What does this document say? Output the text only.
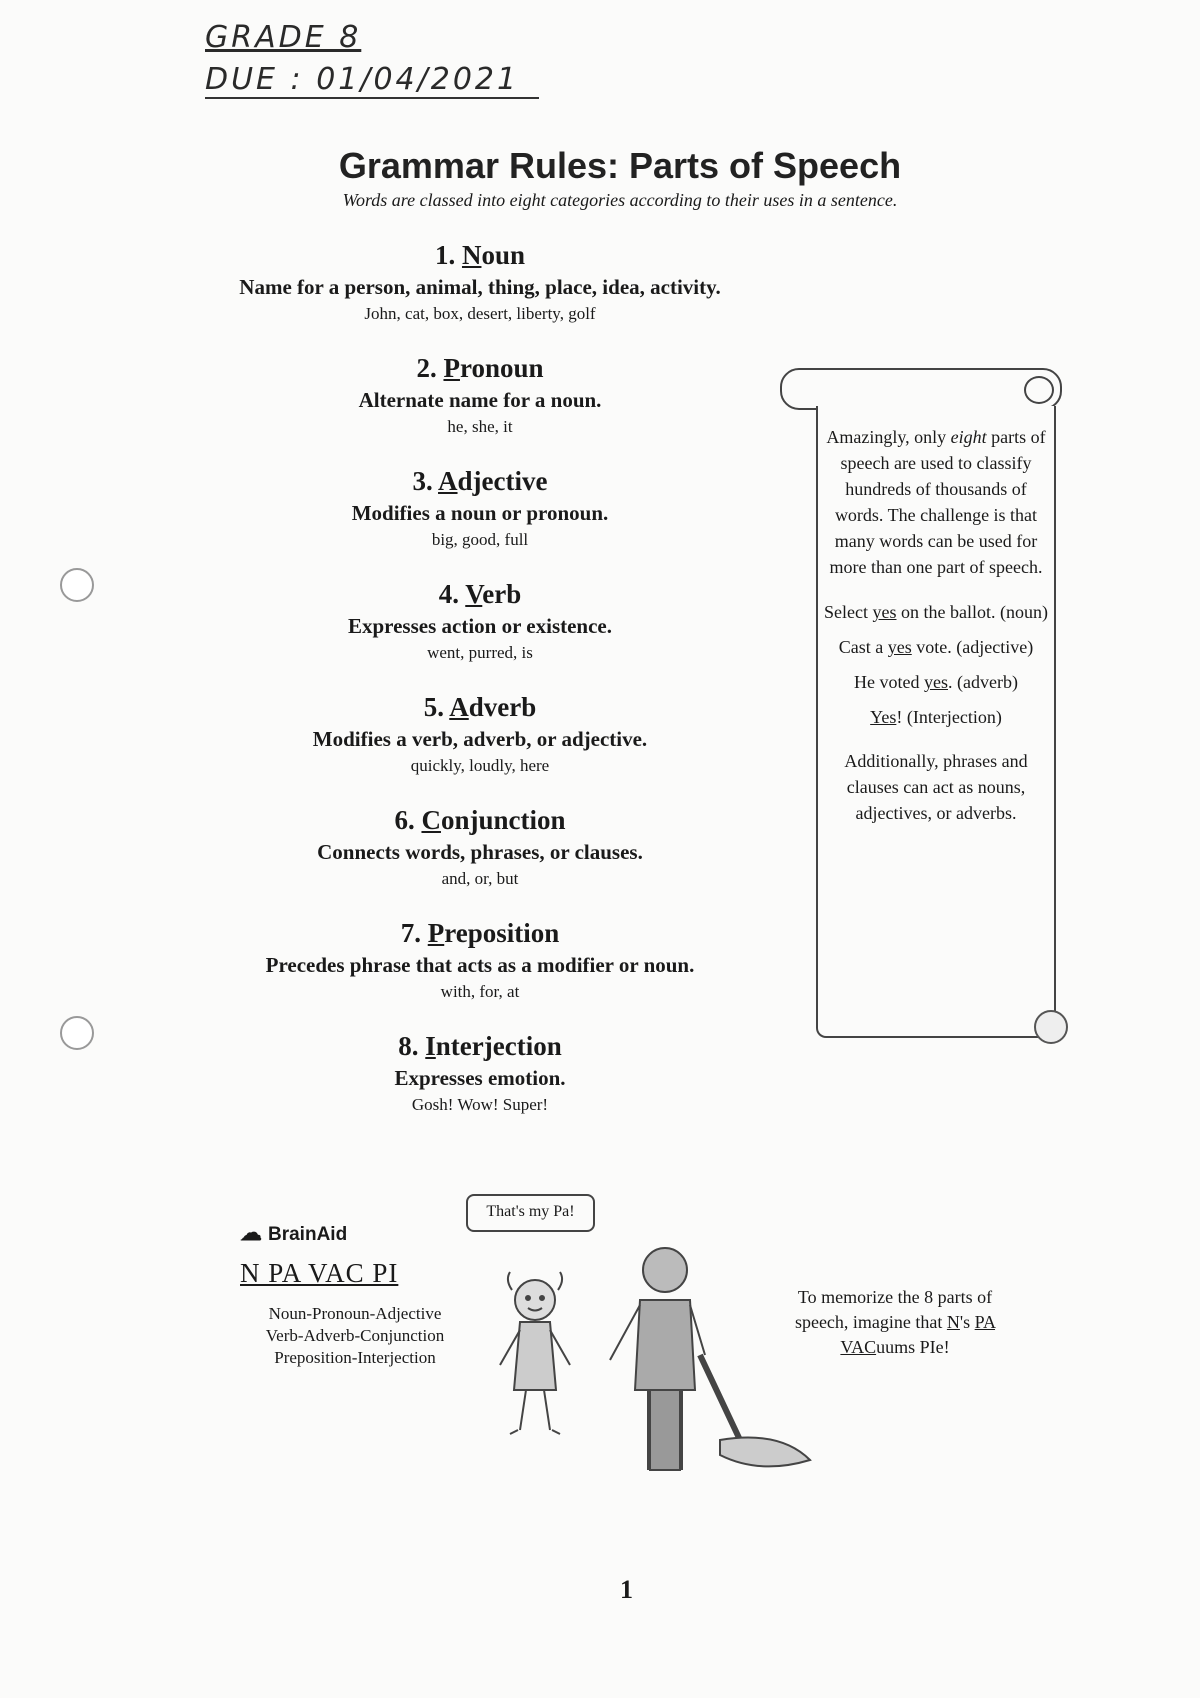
GRADE 8
DUE : 01/04/2021
Grammar Rules: Parts of Speech
Words are classed into eight categories according to their uses in a sentence.
1. Noun
Name for a person, animal, thing, place, idea, activity.
John, cat, box, desert, liberty, golf
2. Pronoun
Alternate name for a noun.
he, she, it
3. Adjective
Modifies a noun or pronoun.
big, good, full
4. Verb
Expresses action or existence.
went, purred, is
5. Adverb
Modifies a verb, adverb, or adjective.
quickly, loudly, here
6. Conjunction
Connects words, phrases, or clauses.
and, or, but
7. Preposition
Precedes phrase that acts as a modifier or noun.
with, for, at
8. Interjection
Expresses emotion.
Gosh! Wow! Super!
Amazingly, only eight parts of speech are used to classify hundreds of thousands of words. The challenge is that many words can be used for more than one part of speech.
Select yes on the ballot. (noun)
Cast a yes vote. (adjective)
He voted yes. (adverb)
Yes! (Interjection)
Additionally, phrases and clauses can act as nouns, adjectives, or adverbs.
☁ BrainAid
N PA VAC PI
Noun-Pronoun-Adjective
Verb-Adverb-Conjunction
Preposition-Interjection
That's my Pa!
To memorize the 8 parts of speech, imagine that N's PA VACuums PIe!
1
